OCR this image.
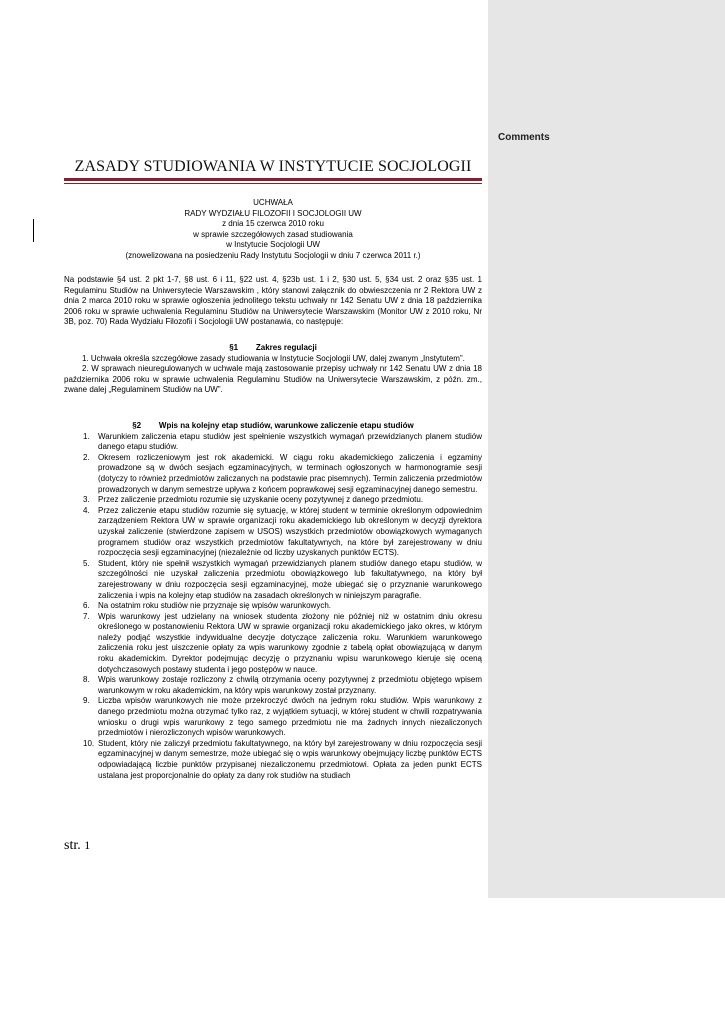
Comments
ZASADY STUDIOWANIA W INSTYTUCIE SOCJOLOGII
UCHWAŁA
RADY WYDZIAŁU FILOZOFII I SOCJOLOGII UW
z dnia 15 czerwca 2010 roku
w sprawie szczegółowych zasad studiowania
w Instytucie Socjologii UW
(znowelizowana na posiedzeniu Rady Instytutu Socjologii w dniu 7 czerwca 2011 r.)
Na podstawie §4 ust. 2 pkt 1-7, §8 ust. 6 i 11, §22 ust. 4, §23b ust. 1 i 2, §30 ust. 5, §34 ust. 2 oraz §35 ust. 1 Regulaminu Studiów na Uniwersytecie Warszawskim , który stanowi załącznik do obwieszczenia nr 2 Rektora UW z dnia 2 marca 2010 roku w sprawie ogłoszenia jednolitego tekstu uchwały nr 142 Senatu UW z dnia 18 października 2006 roku w sprawie uchwalenia Regulaminu Studiów na Uniwersytecie Warszawskim (Monitor UW z 2010 roku, Nr 3B, poz. 70) Rada Wydziału Filozofii i Socjologii UW postanawia, co następuje:
§1        Zakres regulacji
1. Uchwała określa szczegółowe zasady studiowania w Instytucie Socjologii UW, dalej zwanym „Instytutem”.
2. W sprawach nieuregulowanych w uchwale mają zastosowanie przepisy uchwały nr 142 Senatu UW z dnia 18 października 2006 roku w sprawie uchwalenia Regulaminu Studiów na Uniwersytecie Warszawskim, z późn. zm., zwane dalej „Regulaminem Studiów na UW”.
§2        Wpis na kolejny etap studiów, warunkowe zaliczenie etapu studiów
1. Warunkiem zaliczenia etapu studiów jest spełnienie wszystkich wymagań przewidzianych planem studiów danego etapu studiów.
2. Okresem rozliczeniowym jest rok akademicki. W ciągu roku akademickiego zaliczenia i egzaminy prowadzone są w dwóch sesjach egzaminacyjnych, w terminach ogłoszonych w harmonogramie sesji (dotyczy to również przedmiotów zaliczanych na podstawie prac pisemnych). Termin zaliczenia przedmiotów prowadzonych w danym semestrze upływa z końcem poprawkowej sesji egzaminacyjnej danego semestru.
3. Przez zaliczenie przedmiotu rozumie się uzyskanie oceny pozytywnej z danego przedmiotu.
4. Przez zaliczenie etapu studiów rozumie się sytuację, w której student w terminie określonym odpowiednim zarządzeniem Rektora UW w sprawie organizacji roku akademickiego lub określonym w decyzji dyrektora uzyskał zaliczenie (stwierdzone zapisem w USOS) wszystkich przedmiotów obowiązkowych wymaganych programem studiów oraz wszystkich przedmiotów fakultatywnych, na które był zarejestrowany w dniu rozpoczęcia sesji egzaminacyjnej (niezależnie od liczby uzyskanych punktów ECTS).
5. Student, który nie spełnił wszystkich wymagań przewidzianych planem studiów danego etapu studiów, w szczególności nie uzyskał zaliczenia przedmiotu obowiązkowego lub fakultatywnego, na który był zarejestrowany w dniu rozpoczęcia sesji egzaminacyjnej, może ubiegać się o przyznanie warunkowego zaliczenia i wpis na kolejny etap studiów na zasadach określonych w niniejszym paragrafie.
6. Na ostatnim roku studiów nie przyznaje się wpisów warunkowych.
7. Wpis warunkowy jest udzielany na wniosek studenta złożony nie później niż w ostatnim dniu okresu określonego w postanowieniu Rektora UW w sprawie organizacji roku akademickiego jako okres, w którym należy podjąć wszystkie indywidualne decyzje dotyczące zaliczenia roku. Warunkiem warunkowego zaliczenia roku jest uiszczenie opłaty za wpis warunkowy zgodnie z tabelą opłat obowiązującą w danym roku akademickim. Dyrektor podejmując decyzję o przyznaniu wpisu warunkowego kieruje się oceną dotychczasowych postawy studenta i jego postępów w nauce.
8. Wpis warunkowy zostaje rozliczony z chwilą otrzymania oceny pozytywnej z przedmiotu objętego wpisem warunkowym w roku akademickim, na który wpis warunkowy został przyznany.
9. Liczba wpisów warunkowych nie może przekroczyć dwóch na jednym roku studiów. Wpis warunkowy z danego przedmiotu można otrzymać tylko raz, z wyjątkiem sytuacji, w której student w chwili rozpatrywania wniosku o drugi wpis warunkowy z tego samego przedmiotu nie ma żadnych innych niezaliczonych przedmiotów i nierozliczonych wpisów warunkowych.
10. Student, który nie zaliczył przedmiotu fakultatywnego, na który był zarejestrowany w dniu rozpoczęcia sesji egzaminacyjnej w danym semestrze, może ubiegać się o wpis warunkowy obejmujący liczbę punktów ECTS odpowiadającą liczbie punktów przypisanej niezaliczonemu przedmiotowi. Opłata za jeden punkt ECTS ustalana jest proporcjonalnie do opłaty za dany rok studiów na studiach
str. 1
